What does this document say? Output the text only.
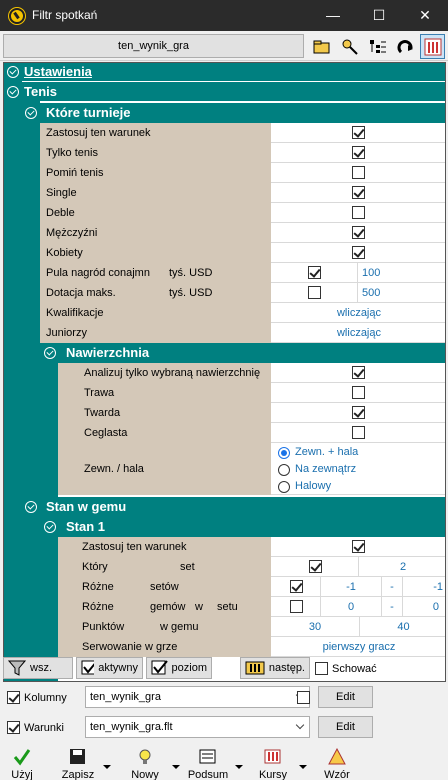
Filtr spotkań	—	☐	✕
ten_wynik_gra
Ustawienia
Tenis
Które turnieje
Zastosuj ten warunek
Tylko tenis
Pomiń tenis
Single
Deble
Mężczyźni
Kobiety
Pula nagród conajmn	tyś. USD	100
Dotacja maks.	tyś. USD	500
Kwalifikacje	wliczając
Juniorzy	wliczając
Nawierzchnia
Analizuj tylko wybraną nawierzchnię
Trawa
Twarda
Ceglasta
Zewn. / hala
Zewn. + hala
Na zewnątrz
Halowy
Stan w gemu
Stan 1
Zastosuj ten warunek
Który	set	2
Różne	setów	-1	-	-1
Różne	gemów w	setu	0	-	0
Punktów	w gemu	30	40
Serwowanie w grze	pierwszy gracz
wsz.	aktywny	poziom	następ. Schować
Kolumny	ten_wynik_gra	Edit
Warunki	ten_wynik_gra.flt	Edit
Użyj	Zapisz	Nowy	Podsum	Kursy	Wzór
